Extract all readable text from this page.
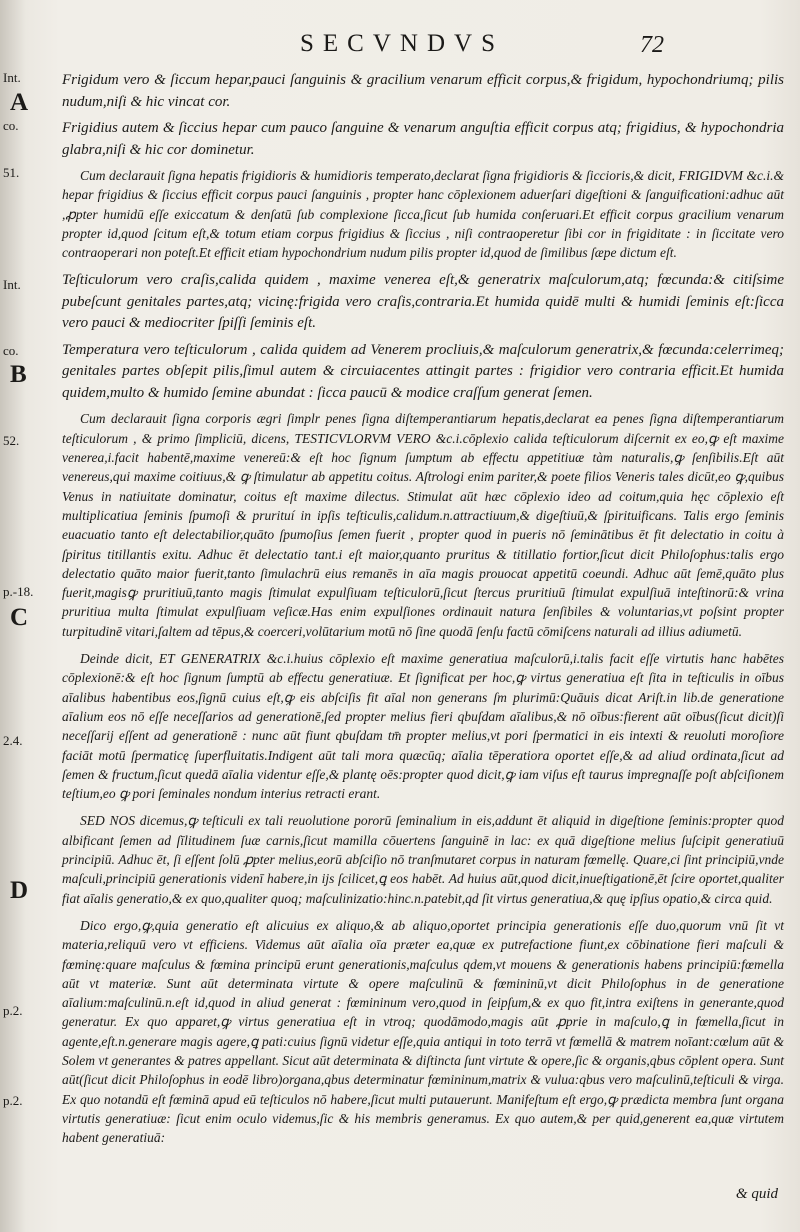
SECVNDVS	72
Int.
A
co.
51.
Int.
co.
B
52.
p.-18.
C
2.4.
D
p.2.
p.2.

Frigidum vero & ſiccum hepar,pauci ſanguinis & gracilium venarum efficit corpus,& frigidum, hypochondriumq; pilis nudum,niſi & hic vincat cor.

Frigidius autem & ſiccius hepar cum pauco ſanguine & venarum anguſtia efficit corpus atq; frigidius, & hypochondria glabra,niſi & hic cor dominetur.

Cum declarauit ſigna hepatis frigidioris & humidioris temperato,declarat ſigna frigidioris & ſiccioris,& dicit, FRIGIDVM &c.i.& hepar frigidius & ſiccius efficit corpus pauci ſanguinis , propter hanc cōplexionem aduerſari digeſtioni & ſanguificationi:adhuc aūt ,ꝓpter humidū eſſe exiccatum & denſatū ſub complexione ſicca,ſicut ſub humida conſeruari.Et efficit corpus gracilium venarum propter id,quod ſcitum eſt,& totum etiam corpus frigidius & ſiccius , niſi contraoperetur ſibi cor in frigiditate : in ſiccitate vero contraoperari non poteſt.Et efficit etiam hypochondrium nudum pilis propter id,quod de ſimilibus ſæpe dictum eſt.

Teſticulorum vero craſis,calida quidem , maxime venerea eſt,& generatrix maſculorum,atq; fœcunda:& citiſsime pubeſcunt genitales partes,atq; vicinę:frigida vero craſis,contraria.Et humida quidē multi & humidi ſeminis eſt:ſicca vero pauci & mediocriter ſpiſſi ſeminis eſt.

Temperatura vero teſticulorum , calida quidem ad Venerem procliuis,& maſculorum generatrix,& fœcunda:celerrimeq; genitales partes obſepit pilis,ſimul autem & circuiacentes attingit partes : frigidior vero contraria efficit.Et humida quidem,multo & humido ſemine abundat : ſicca paucū & modice craſſum generat ſemen.

Cum declarauit ſigna corporis ægri ſimplr penes ſigna diſtemperantiarum hepatis,declarat ea penes ſigna diſtemperantiarum teſticulorum , & primo ſimpliciū, dicens, TESTICVLORVM VERO &c.i.cōplexio calida teſticulorum diſcernit ex eo,ꝙ eſt maxime venerea,i.facit habentē,maxime venereū:& eſt hoc ſignum ſumptum ab effectu appetitiuæ tàm naturalis,ꝙ ſenſibilis.Eſt aūt venereus,qui maxime coitiuus,& ꝙ ſtimulatur ab appetitu coitus. Aſtrologi enim pariter,& poete filios Veneris tales dicūt,eo ꝙ,quibus Venus in natiuitate dominatur, coitus eſt maxime dilectus. Stimulat aūt hæc cōplexio ideo ad coitum,quia hęc cōplexio eſt multiplicatiua ſeminis ſpumoſi & prurituí in ipſis teſticulis,calidum.n.attractiuum,& digeſtiuū,& ſpirituificans. Talis ergo ſeminis euacuatio tanto eſt delectabilior,quāto ſpumoſius ſemen fuerit , propter quod in pueris nō ſeminātibus ēt fit delectatio in coitu à ſpiritus titillantis exitu. Adhuc ēt delectatio tant.i eſt maior,quanto pruritus & titillatio fortior,ſicut dicit Philoſophus:talis ergo delectatio quāto maior fuerit,tanto ſimulachrū eius remanēs in aīa magis prouocat appetitū coeundi. Adhuc aūt ſemē,quāto plus fuerit,magisꝙ pruritiuū,tanto magis ſtimulat expulſiuam teſticulorū,ſicut ſtercus pruritiuū ſtimulat expulſiuā inteſtinorū:& vrina pruritiua multa ſtimulat expulſiuam veſicæ.Has enim expulſiones ordinauit natura ſenſibiles & voluntarias,vt poſsint propter turpitudinē vitari,ſaltem ad tēpus,& coerceri,volūtarium motū nō ſine quodā ſenſu factū cōmiſcens naturali ad illius adiumetū.

Deinde dicit, ET GENERATRIX &c.i.huius cōplexio eſt maxime generatiua maſculorū,i.talis facit eſſe virtutis hanc habētes cōplexionē:& eſt hoc ſignum ſumptū ab effectu generatiuæ. Et ſignificat per hoc,ꝙ virtus generatiua eſt ſita in teſticulis in oībus aīalibus habentibus eos,ſignū cuius eſt,ꝙ eis abſciſis fit aīal non generans ſm plurimū:Quāuis dicat Ariſt.in lib.de generatione aīalium eos nō eſſe neceſſarios ad generationē,ſed propter melius fieri qbuſdam aīalibus,& nō oībus:fierent aūt oībus(ſicut dicit)ſi neceſſarij eſſent ad generationē : nunc aūt fiunt qbuſdam tm̄ propter melius,vt pori ſpermatici in eis intexti & reuoluti moroſiore faciāt motū ſpermaticę ſuperfluitatis.Indigent aūt tali mora quæcūq; aīalia tēperatiora oportet eſſe,& ad aliud ordinata,ſicut ad ſemen & fructum,ſicut quedā aīalia videntur eſſe,& plantę oēs:propter quod dicit,ꝙ iam viſus eſt taurus impregnaſſe poſt abſciſionem teſtium,eo ꝙ pori ſeminales nondum interius retracti erant.

SED NOS dicemus,ꝙ teſticuli ex tali reuolutione pororū ſeminalium in eis,addunt ēt aliquid in digeſtione ſeminis:propter quod albificant ſemen ad ſīlitudinem ſuæ carnis,ſicut mamilla cōuertens ſanguinē in lac: ex quā digeſtione melius ſuſcipit generatiuū principiū. Adhuc ēt, ſi eſſent ſolū ꝓpter melius,eorū abſciſio nō tranſmutaret corpus in naturam fœmellę. Quare,ci ſint principiū,vnde maſculi,principiū generationis videnī habere,in ijs ſcilicet,ꝗ eos habēt. Ad huius aūt,quod dicit,inueſtigationē,ēt ſcire oportet,qualiter fiat aīalis generatio,& ex quo,qualiter quoq; maſculinizatio:hinc.n.patebit,qd ſit virtus generatiua,& quę ipſius opatio,& circa quid.

Dico ergo,ꝙ,quia generatio eſt alicuius ex aliquo,& ab aliquo,oportet principia generationis eſſe duo,quorum vnū ſit vt materia,reliquū vero vt efficiens. Videmus aūt aīalia oīa præter ea,quæ ex putrefactione fiunt,ex cōbinatione fieri maſculi & fœminę:quare maſculus & fœmina principū erunt generationis,maſculus qdem,vt mouens & generationis habens principiū:fœmella aūt vt materiæ. Sunt aūt determinata virtute & opere maſculinū & fœmininū,vt dicit Philoſophus in de generatione aīalium:maſculinū.n.eſt id,quod in aliud generat : fœmininum vero,quod in ſeipſum,& ex quo fit,intra exiſtens in generante,quod generatur. Ex quo apparet,ꝙ virtus generatiua eſt in vtroq; quodāmodo,magis aūt ꝓprie in maſculo,ꝗ in fœmella,ſicut in agente,eſt.n.generare magis agere,ꝗ pati:cuius ſignū videtur eſſe,quia antiqui in toto terrā vt fœmellā & matrem noīant:cœlum aūt & Solem vt generantes & patres appellant. Sicut aūt determinata & diſtincta ſunt virtute & opere,ſic & organis,qbus cōplent opera. Sunt aūt(ſicut dicit Philoſophus in eodē libro)organa,qbus determinatur fœmininum,matrix & vulua:qbus vero maſculinū,teſticuli & virga. Ex quo notandū eſt fœminā apud eū teſticulos nō habere,ſicut multi putauerunt. Manifeſtum eſt ergo,ꝙ prædicta membra ſunt organa virtutis generatiuæ: ſicut enim oculo videmus,ſic & his membris generamus. Ex quo autem,& per quid,generent ea,quæ virtutem habent generatiuā:

& quid
